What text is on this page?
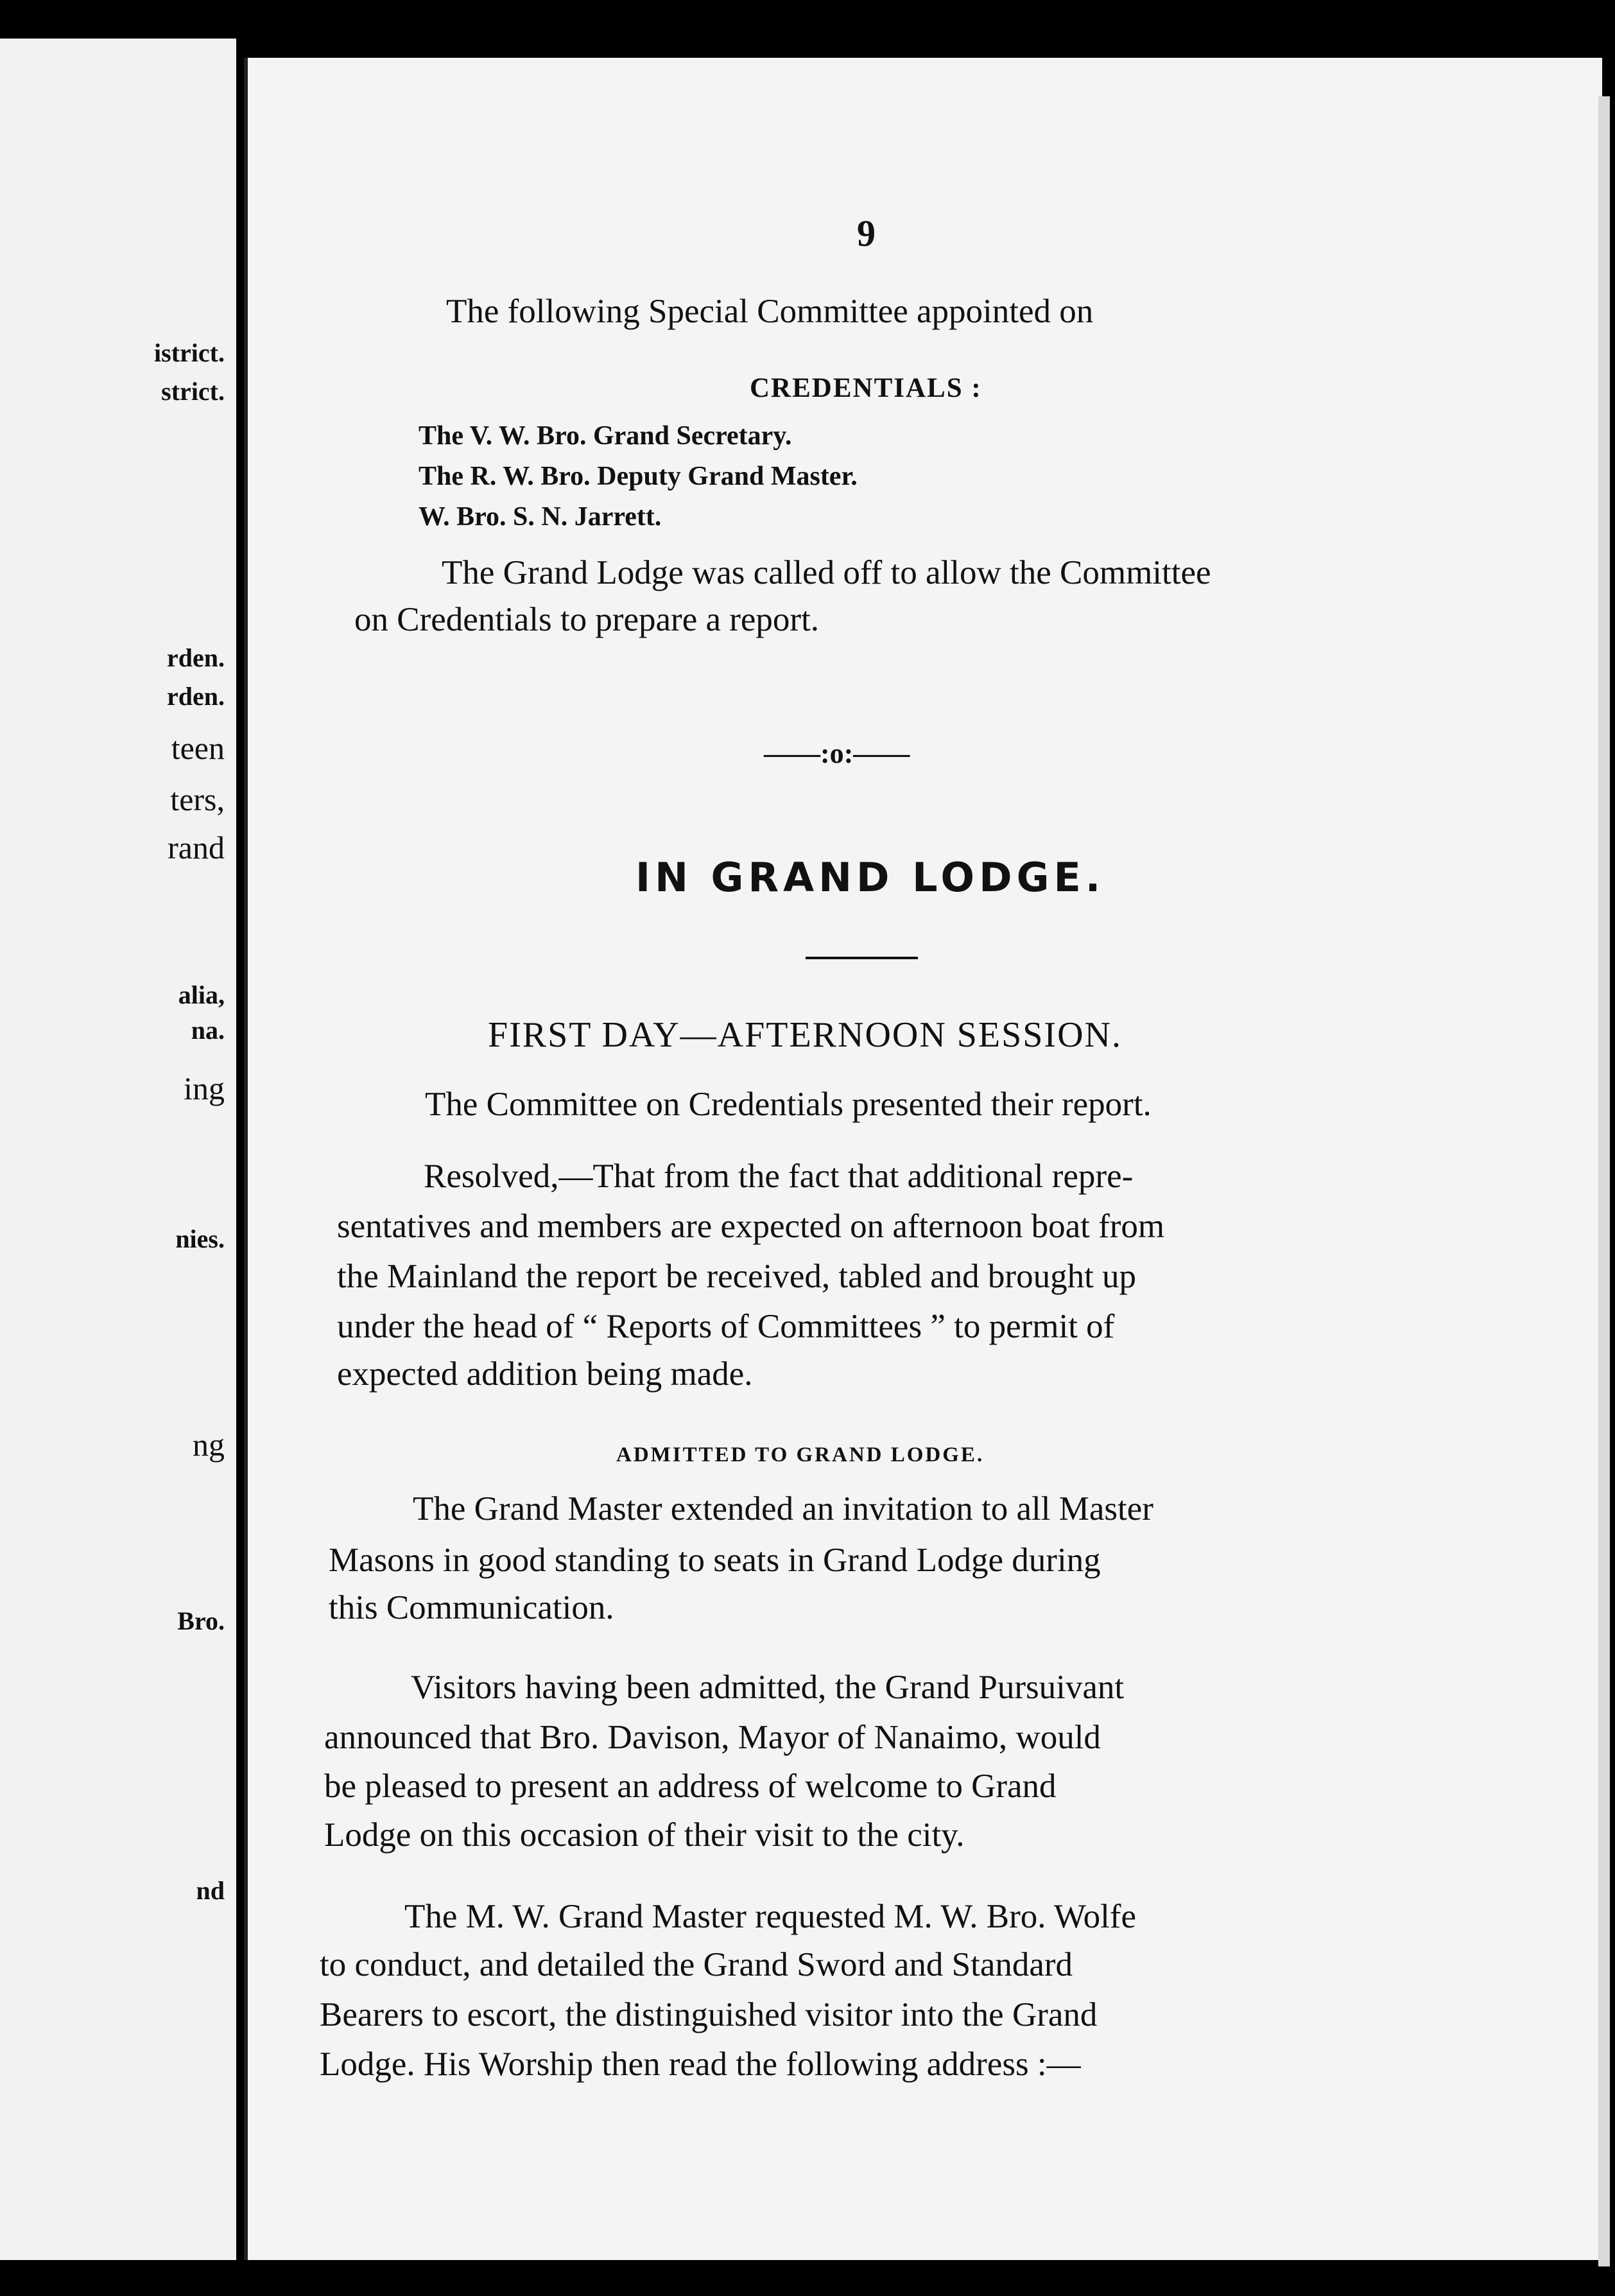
istrict.
strict.
rden.
rden.
teen
ters,
rand
alia,
na.
ing
nies.
ng
Bro.
nd
9
The following Special Committee appointed on
CREDENTIALS :
The V. W. Bro. Grand Secretary.
The R. W. Bro. Deputy Grand Master.
W. Bro. S. N. Jarrett.
The Grand Lodge was called off to allow the Committee
on Credentials to prepare a report.
——:o:——
IN GRAND LODGE.
FIRST DAY—AFTERNOON SESSION.
The Committee on Credentials presented their report.
Resolved,—That from the fact that additional repre-
sentatives and members are expected on afternoon boat from
the Mainland the report be received, tabled and brought up
under the head of “ Reports of Committees ” to permit of
expected addition being made.
ADMITTED TO GRAND LODGE.
The Grand Master extended an invitation to all Master
Masons in good standing to seats in Grand Lodge during
this Communication.
Visitors having been admitted, the Grand Pursuivant
announced that Bro. Davison, Mayor of Nanaimo, would
be pleased to present an address of welcome to Grand
Lodge on this occasion of their visit to the city.
The M. W. Grand Master requested M. W. Bro. Wolfe
to conduct, and detailed the Grand Sword and Standard
Bearers to escort, the distinguished visitor into the Grand
Lodge. His Worship then read the following address :—
